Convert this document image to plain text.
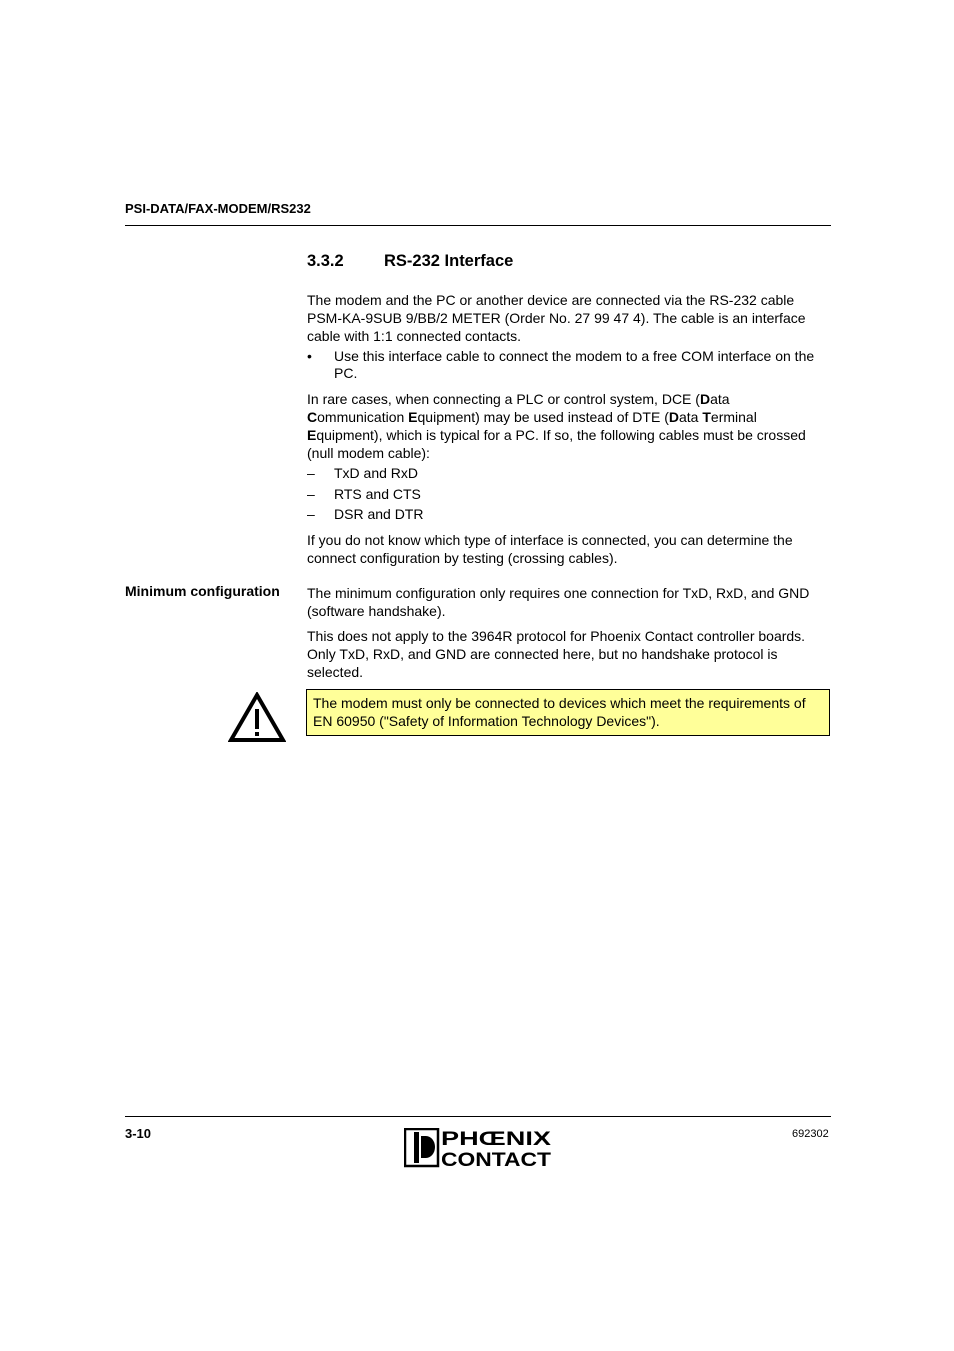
PSI-DATA/FAX-MODEM/RS232
3.3.2 RS-232 Interface
The modem and the PC or another device are connected via the RS-232 cable PSM-KA-9SUB 9/BB/2 METER (Order No. 27 99 47 4). The cable is an interface cable with 1:1 connected contacts.
• Use this interface cable to connect the modem to a free COM interface on the PC.
In rare cases, when connecting a PLC or control system, DCE (Data
Communication Equipment) may be used instead of DTE (Data Terminal
Equipment), which is typical for a PC. If so, the following cables must be crossed (null modem cable):
– TxD and RxD
– RTS and CTS
– DSR and DTR
If you do not know which type of interface is connected, you can determine the connect configuration by testing (crossing cables).
Minimum configuration The minimum configuration only requires one connection for TxD, RxD, and GND (software handshake).
This does not apply to the 3964R protocol for Phoenix Contact controller boards. Only TxD, RxD, and GND are connected here, but no handshake protocol is selected.
The modem must only be connected to devices which meet the requirements of EN 60950 ("Safety of Information Technology Devices").
3-10	PHŒNIX
CONTACT
692302
